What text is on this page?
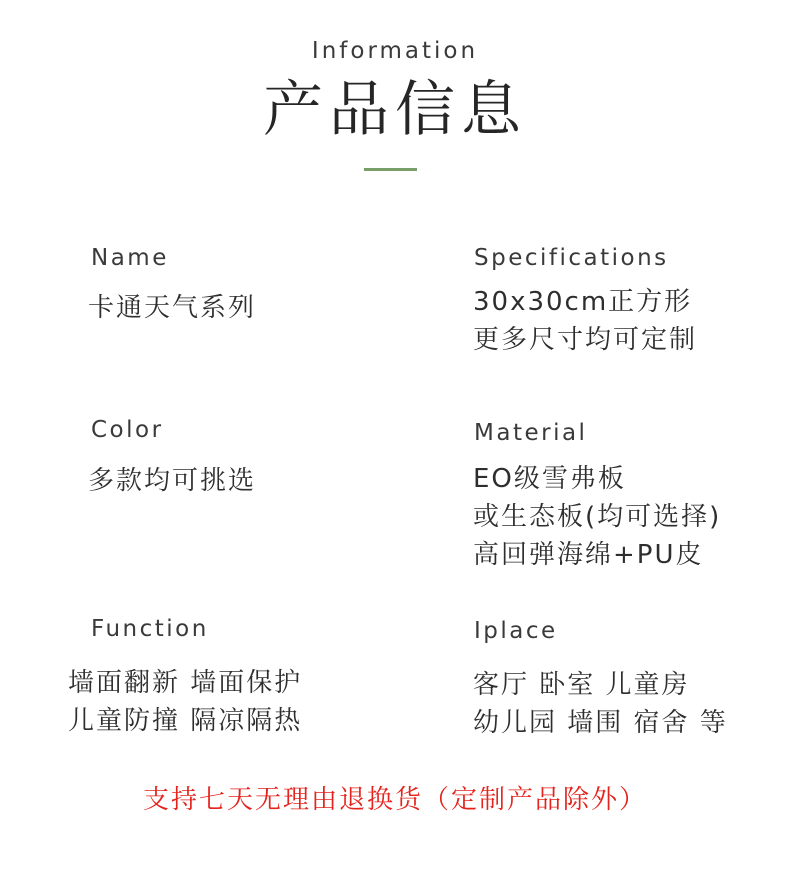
Information
产品信息
Name
卡通天气系列
Specifications
30x30cm正方形
更多尺寸均可定制
Color
多款均可挑选
Material
EO级雪弗板
或生态板(均可选择)
高回弹海绵+PU皮
Function
墙面翻新 墙面保护
儿童防撞 隔凉隔热
Iplace
客厅 卧室 儿童房
幼儿园 墙围 宿舍 等
支持七天无理由退换货（定制产品除外）
